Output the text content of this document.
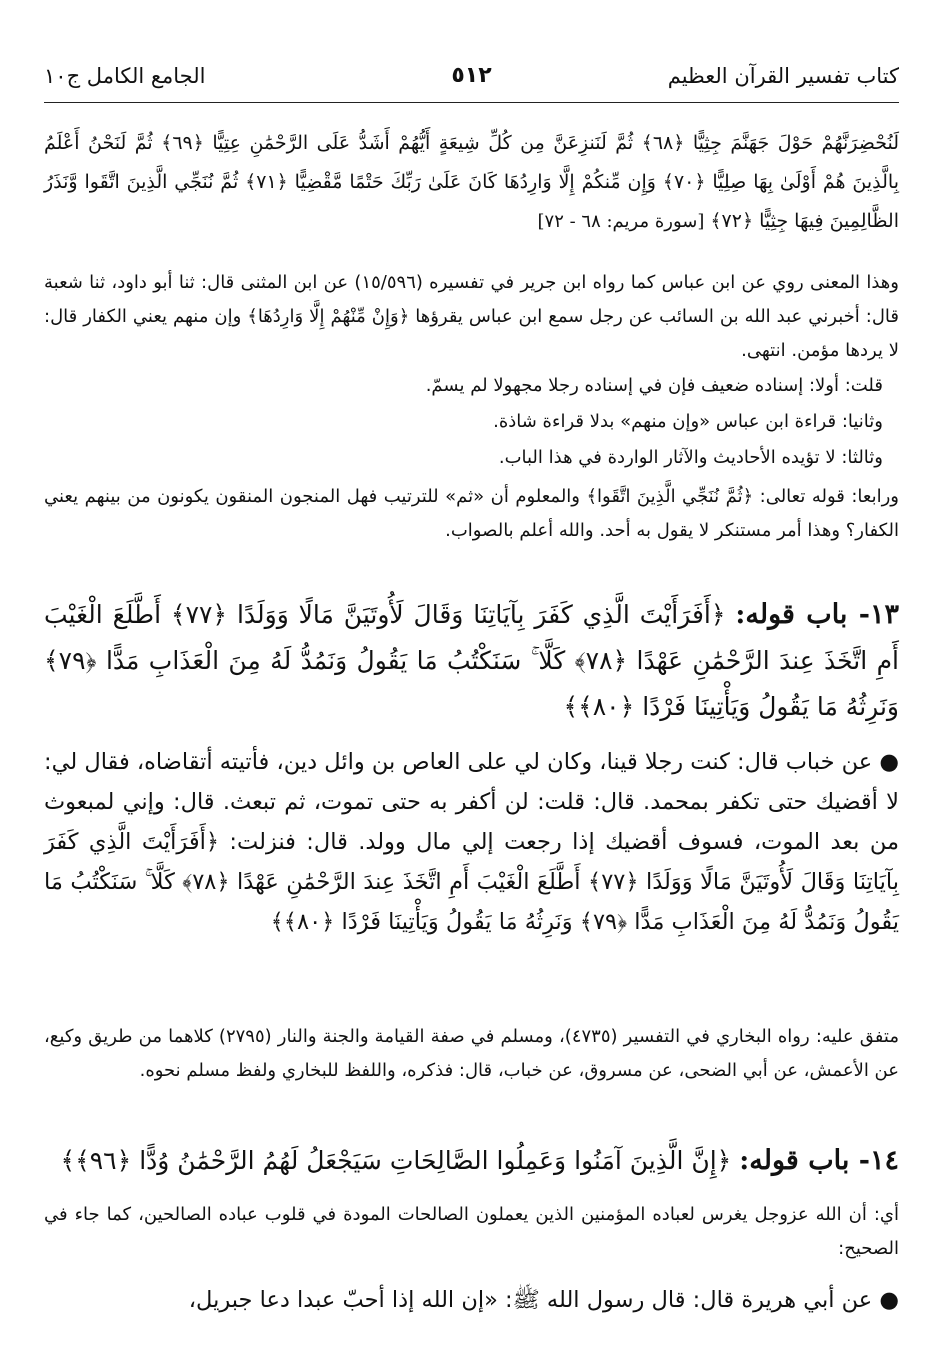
كتاب تفسير القرآن العظيم
٥١٢
الجامع الكامل ج١٠

لَنُحْضِرَنَّهُمْ حَوْلَ جَهَنَّمَ جِثِيًّا ﴿٦٨﴾ ثُمَّ لَنَنزِعَنَّ مِن كُلِّ شِيعَةٍ أَيُّهُمْ أَشَدُّ عَلَى الرَّحْمَٰنِ عِتِيًّا ﴿٦٩﴾ ثُمَّ لَنَحْنُ أَعْلَمُ بِالَّذِينَ هُمْ أَوْلَىٰ بِهَا صِلِيًّا ﴿٧٠﴾ وَإِن مِّنكُمْ إِلَّا وَارِدُهَا كَانَ عَلَىٰ رَبِّكَ حَتْمًا مَّقْضِيًّا ﴿٧١﴾ ثُمَّ نُنَجِّي الَّذِينَ اتَّقَوا وَّنَذَرُ الظَّالِمِينَ فِيهَا جِثِيًّا ﴿٧٢﴾ [سورة مريم: ٦٨ - ٧٢]

وهذا المعنى روي عن ابن عباس كما رواه ابن جرير في تفسيره (١٥/٥٩٦) عن ابن المثنى قال: ثنا أبو داود، ثنا شعبة قال: أخبرني عبد الله بن السائب عن رجل سمع ابن عباس يقرؤها ﴿وَإِنْ مِّنْهُمْ إِلَّا وَارِدُهَا﴾ وإن منهم يعني الكفار قال: لا يردها مؤمن. انتهى.

قلت: أولا: إسناده ضعيف فإن في إسناده رجلا مجهولا لم يسمّ.

وثانيا: قراءة ابن عباس «وإن منهم» بدلا قراءة شاذة.

وثالثا: لا تؤيده الأحاديث والآثار الواردة في هذا الباب.

ورابعا: قوله تعالى: ﴿ثُمَّ نُنَجِّي الَّذِينَ اتَّقَوا﴾ والمعلوم أن «ثم» للترتيب فهل المنجون المنقون يكونون من بينهم يعني الكفار؟ وهذا أمر مستنكر لا يقول به أحد. والله أعلم بالصواب.

١٣- باب قوله: ﴿أَفَرَأَيْتَ الَّذِي كَفَرَ بِآيَاتِنَا وَقَالَ لَأُوتَيَنَّ مَالًا وَوَلَدًا ﴿٧٧﴾ أَطَّلَعَ الْغَيْبَ أَمِ اتَّخَذَ عِندَ الرَّحْمَٰنِ عَهْدًا ﴿٧٨﴾ كَلَّا ۚ سَنَكْتُبُ مَا يَقُولُ وَنَمُدُّ لَهُ مِنَ الْعَذَابِ مَدًّا ﴿٧٩﴾ وَنَرِثُهُ مَا يَقُولُ وَيَأْتِينَا فَرْدًا ﴿٨٠﴾﴾

● عن خباب قال: كنت رجلا قينا، وكان لي على العاص بن وائل دين، فأتيته أتقاضاه، فقال لي: لا أقضيك حتى تكفر بمحمد. قال: قلت: لن أكفر به حتى تموت، ثم تبعث. قال: وإني لمبعوث من بعد الموت، فسوف أقضيك إذا رجعت إلي مال وولد. قال: فنزلت: ﴿أَفَرَأَيْتَ الَّذِي كَفَرَ بِآيَاتِنَا وَقَالَ لَأُوتَيَنَّ مَالًا وَوَلَدًا ﴿٧٧﴾ أَطَّلَعَ الْغَيْبَ أَمِ اتَّخَذَ عِندَ الرَّحْمَٰنِ عَهْدًا ﴿٧٨﴾ كَلَّا ۚ سَنَكْتُبُ مَا يَقُولُ وَنَمُدُّ لَهُ مِنَ الْعَذَابِ مَدًّا ﴿٧٩﴾ وَنَرِثُهُ مَا يَقُولُ وَيَأْتِينَا فَرْدًا ﴿٨٠﴾﴾

متفق عليه: رواه البخاري في التفسير (٤٧٣٥)، ومسلم في صفة القيامة والجنة والنار (٢٧٩٥) كلاهما من طريق وكيع، عن الأعمش، عن أبي الضحى، عن مسروق، عن خباب، قال: فذكره، واللفظ للبخاري ولفظ مسلم نحوه.

١٤- باب قوله: ﴿إِنَّ الَّذِينَ آمَنُوا وَعَمِلُوا الصَّالِحَاتِ سَيَجْعَلُ لَهُمُ الرَّحْمَٰنُ وُدًّا ﴿٩٦﴾﴾

أي: أن الله عزوجل يغرس لعباده المؤمنين الذين يعملون الصالحات المودة في قلوب عباده الصالحين، كما جاء في الصحيح:

● عن أبي هريرة قال: قال رسول الله ﷺ: «إن الله إذا أحبّ عبدا دعا جبريل،
